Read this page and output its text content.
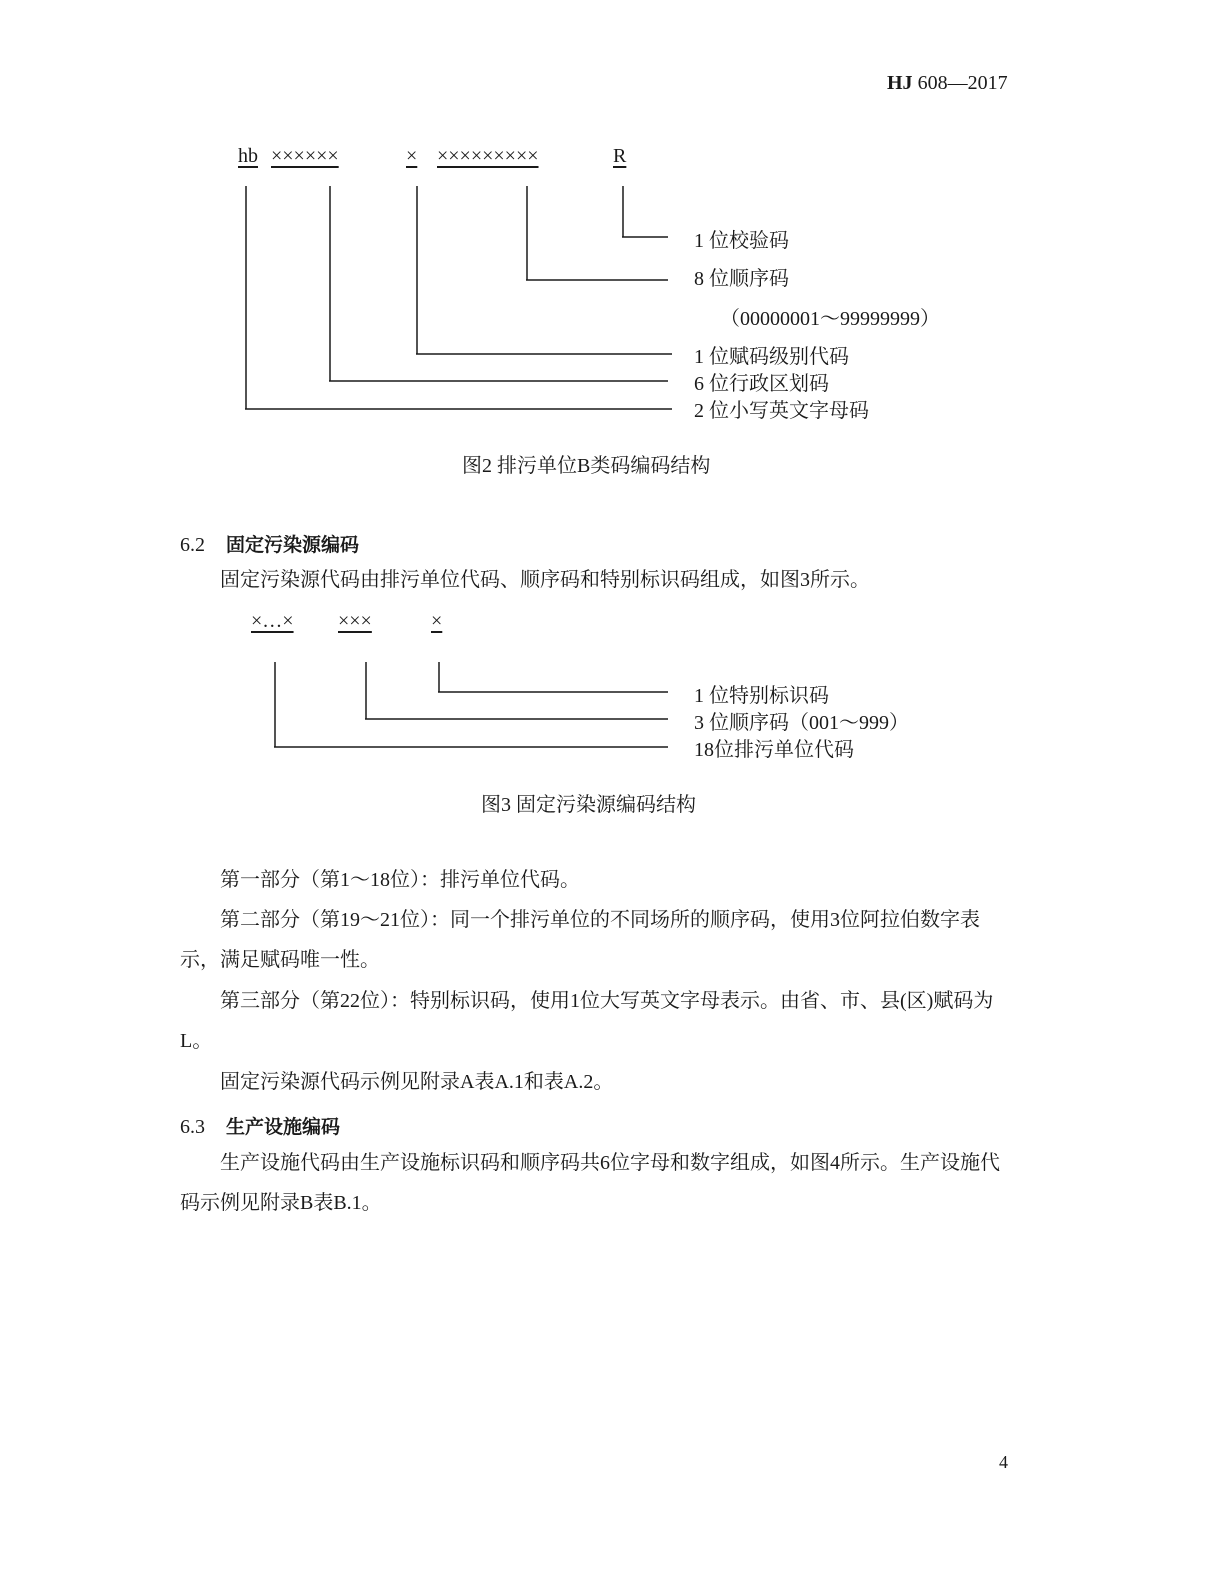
HJ 608—2017
hb ××××××	× ×××××××××	R
1 位校验码
8 位顺序码
（00000001～99999999）
1 位赋码级别代码
6 位行政区划码
2 位小写英文字母码
图2 排污单位B类码编码结构
6.2 固定污染源编码
固定污染源代码由排污单位代码、顺序码和特别标识码组成，如图3所示。
×…× ×××	×
1 位特别标识码
3 位顺序码（001～999）
18位排污单位代码
图3 固定污染源编码结构
第一部分（第1～18位）：排污单位代码。
第二部分（第19～21位）：同一个排污单位的不同场所的顺序码，使用3位阿拉伯数字表示，满足赋码唯一性。
第三部分（第22位）：特别标识码，使用1位大写英文字母表示。由省、市、县(区)赋码为L。
固定污染源代码示例见附录A表A.1和表A.2。
6.3 生产设施编码
生产设施代码由生产设施标识码和顺序码共6位字母和数字组成，如图4所示。生产设施代码示例见附录B表B.1。
4
